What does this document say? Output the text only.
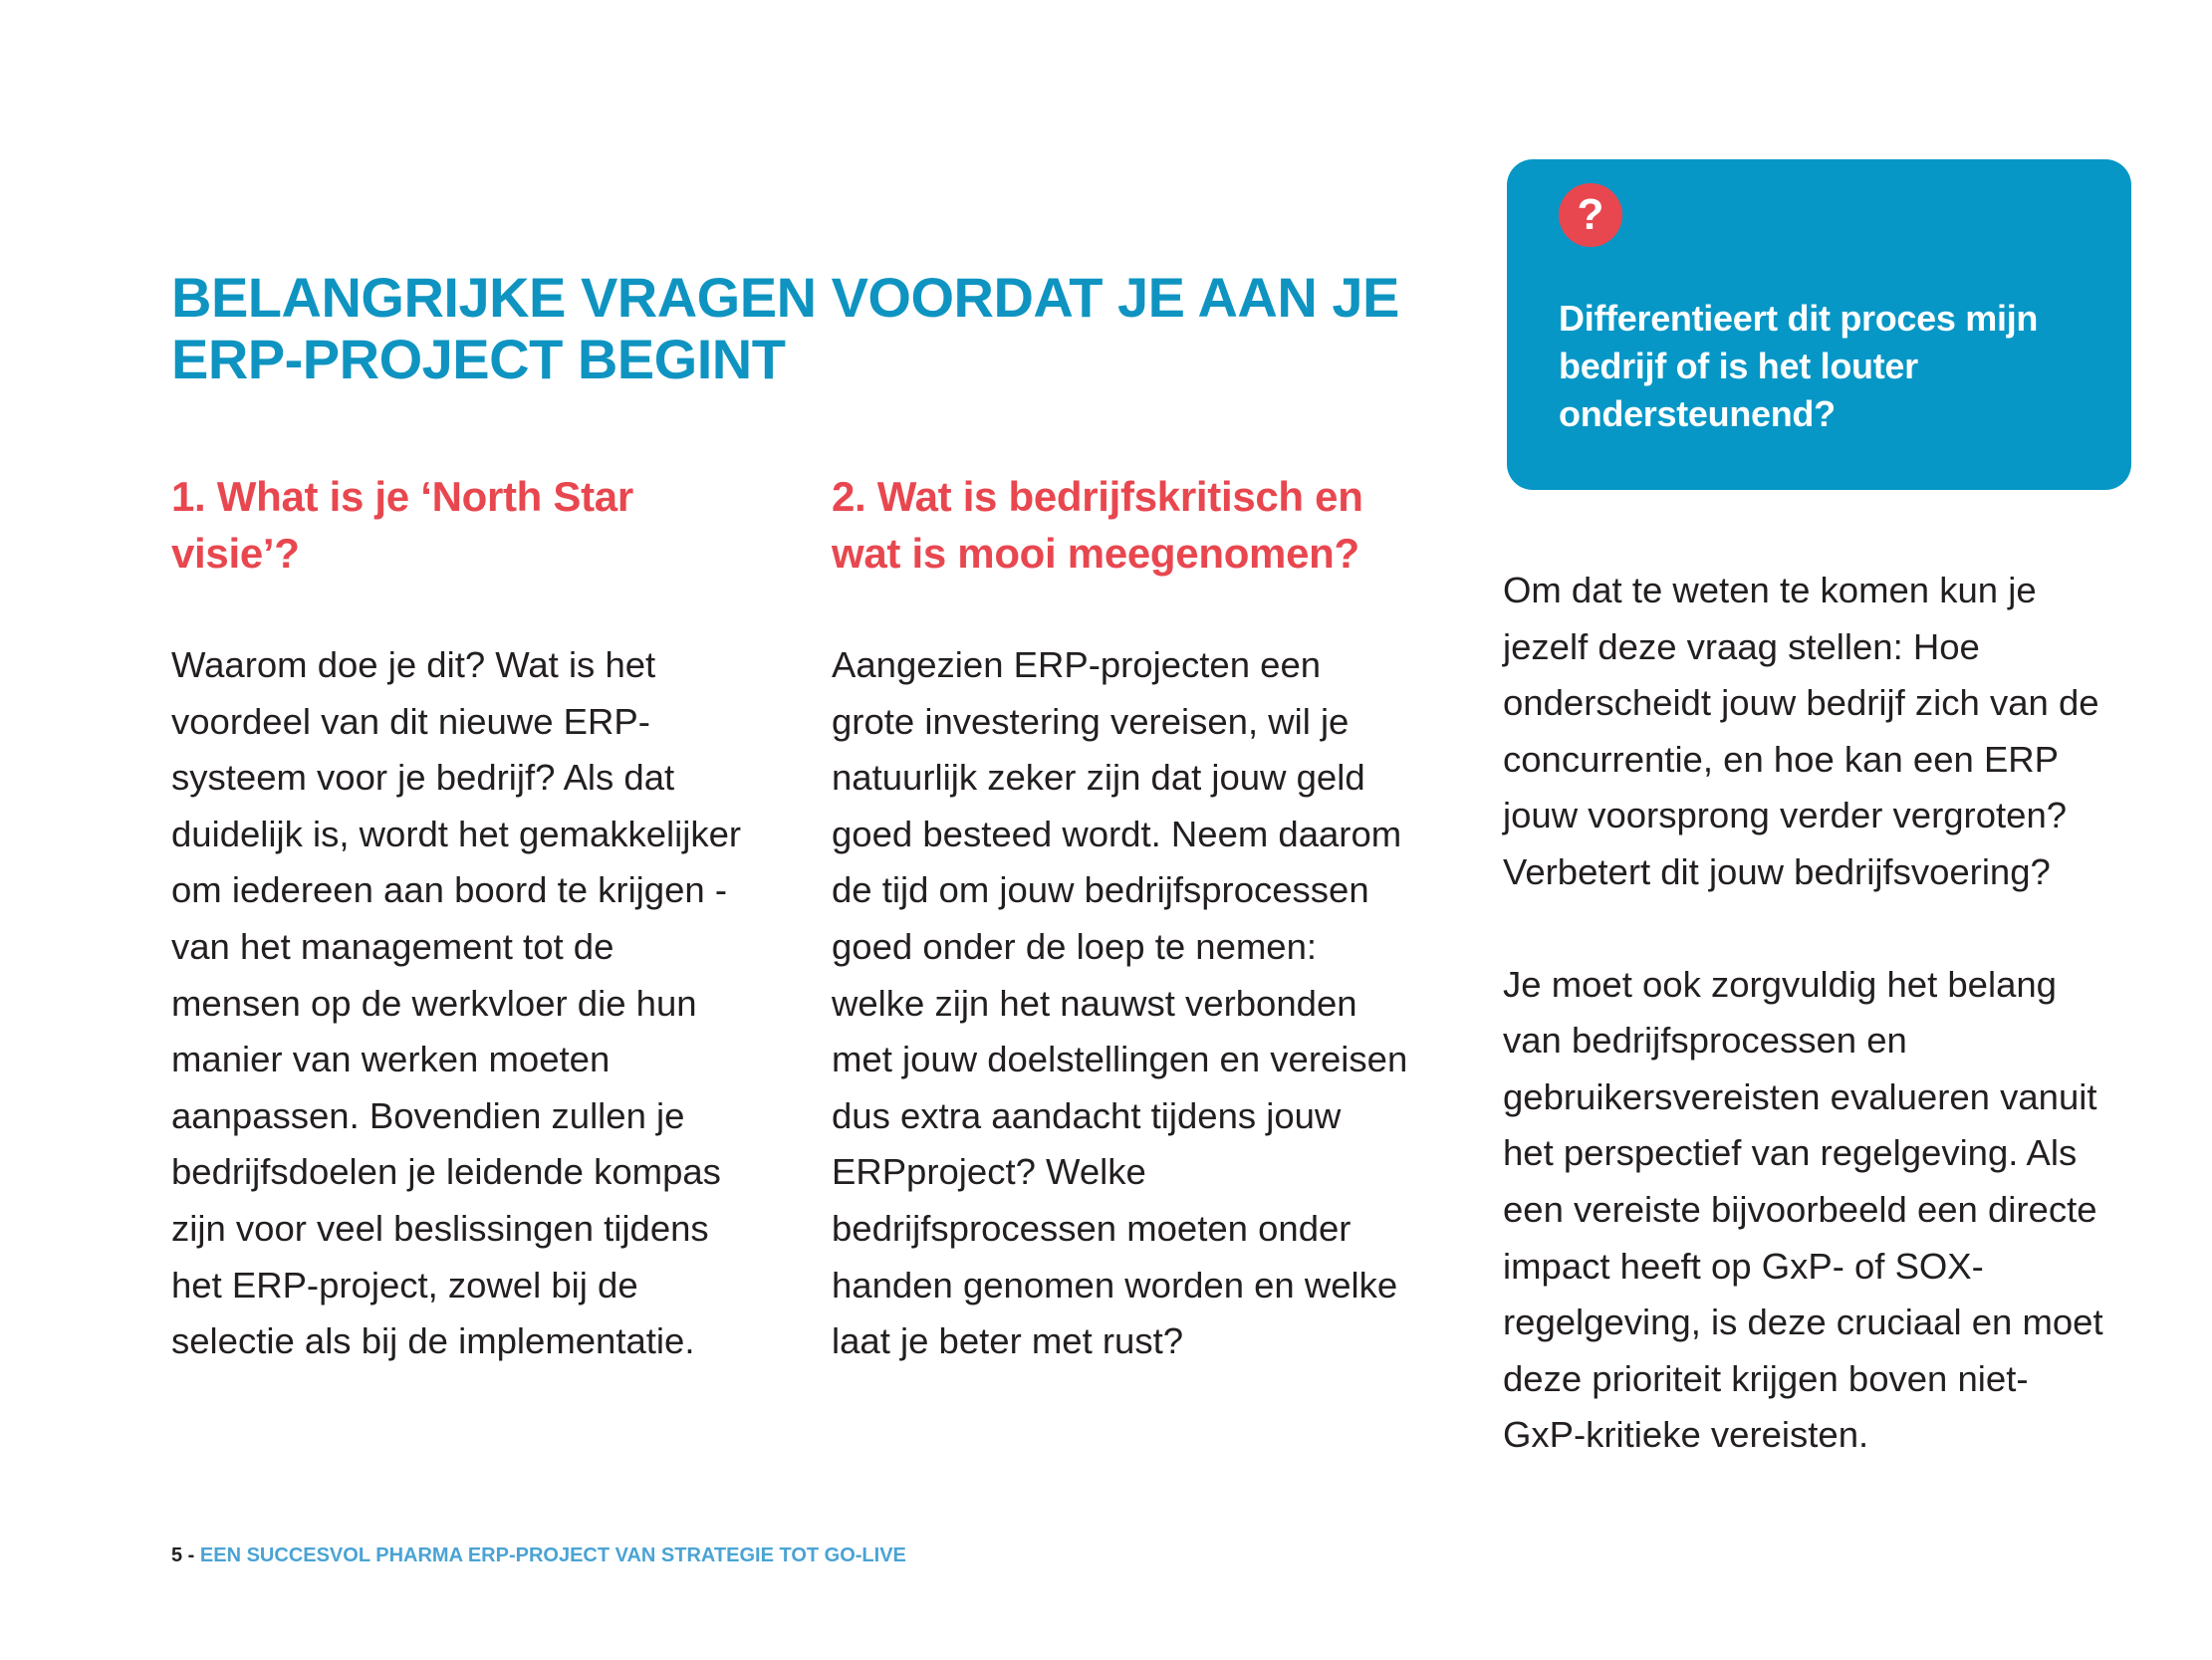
BELANGRIJKE VRAGEN VOORDAT JE AAN JE ERP-PROJECT BEGINT
1. What is je ‘North Star visie’?

Waarom doe je dit? Wat is het voordeel van dit nieuwe ERP-systeem voor je bedrijf? Als dat duidelijk is, wordt het gemakkelijker om iedereen aan boord te krijgen - van het management tot de mensen op de werkvloer die hun manier van werken moeten aanpassen. Bovendien zullen je bedrijfsdoelen je leidende kompas zijn voor veel beslissingen tijdens het ERP-project, zowel bij de selectie als bij de implementatie.

2. Wat is bedrijfskritisch en wat is mooi meegenomen?

Aangezien ERP-projecten een grote investering vereisen, wil je natuurlijk zeker zijn dat jouw geld goed besteed wordt. Neem daarom de tijd om jouw bedrijfsprocessen goed onder de loep te nemen: welke zijn het nauwst verbonden met jouw doelstellingen en vereisen dus extra aandacht tijdens jouw ERPproject? Welke bedrijfsprocessen moeten onder handen genomen worden en welke laat je beter met rust?

?

Differentieert dit proces mijn bedrijf of is het louter ondersteunend?

Om dat te weten te komen kun je jezelf deze vraag stellen: Hoe onderscheidt jouw bedrijf zich van de concurrentie, en hoe kan een ERP jouw voorsprong verder vergroten? Verbetert dit jouw bedrijfsvoering?

Je moet ook zorgvuldig het belang van bedrijfsprocessen en gebruikersvereisten evalueren vanuit het perspectief van regelgeving. Als een vereiste bijvoorbeeld een directe impact heeft op GxP- of SOX-regelgeving, is deze cruciaal en moet deze prioriteit krijgen boven niet-GxP-kritieke vereisten.

5 - EEN SUCCESVOL PHARMA ERP-PROJECT VAN STRATEGIE TOT GO-LIVE
